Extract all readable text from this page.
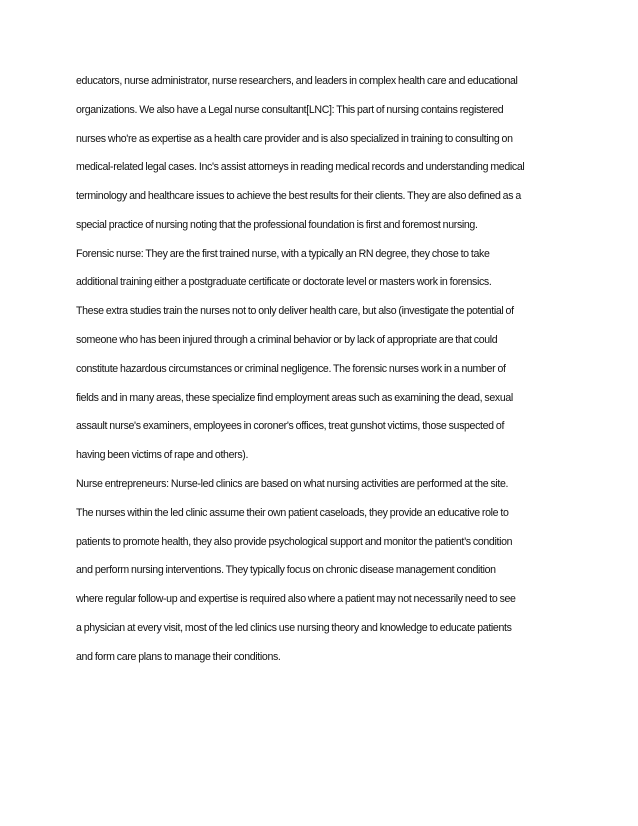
educators, nurse administrator, nurse researchers, and leaders in complex health care and educational
organizations. We also have a Legal nurse consultant[LNC]: This part of nursing contains registered
nurses who're as expertise as a health care provider and is also specialized in training to consulting on
medical-related legal cases. Inc's assist attorneys in reading medical records and understanding medical
terminology and healthcare issues to achieve the best results for their clients. They are also defined as a
special practice of nursing noting that the professional foundation is first and foremost nursing.
Forensic nurse: They are the first trained nurse, with a typically an RN degree, they chose to take
additional training either a postgraduate certificate or doctorate level or masters work in forensics.
These extra studies train the nurses not to only deliver health care, but also (investigate the potential of
someone who has been injured through a criminal behavior or by lack of appropriate are that could
constitute hazardous circumstances or criminal negligence. The forensic nurses work in a number of
fields and in many areas, these specialize find employment areas such as examining the dead, sexual
assault nurse's examiners, employees in coroner's offices, treat gunshot victims, those suspected of
having been victims of rape and others).
Nurse entrepreneurs: Nurse-led clinics are based on what nursing activities are performed at the site.
The nurses within the led clinic assume their own patient caseloads, they provide an educative role to
patients to promote health, they also provide psychological support and monitor the patient’s condition
and perform nursing interventions. They typically focus on chronic disease management condition
where regular follow-up and expertise is required also where a patient may not necessarily need to see
a physician at every visit, most of the led clinics use nursing theory and knowledge to educate patients
and form care plans to manage their conditions.
